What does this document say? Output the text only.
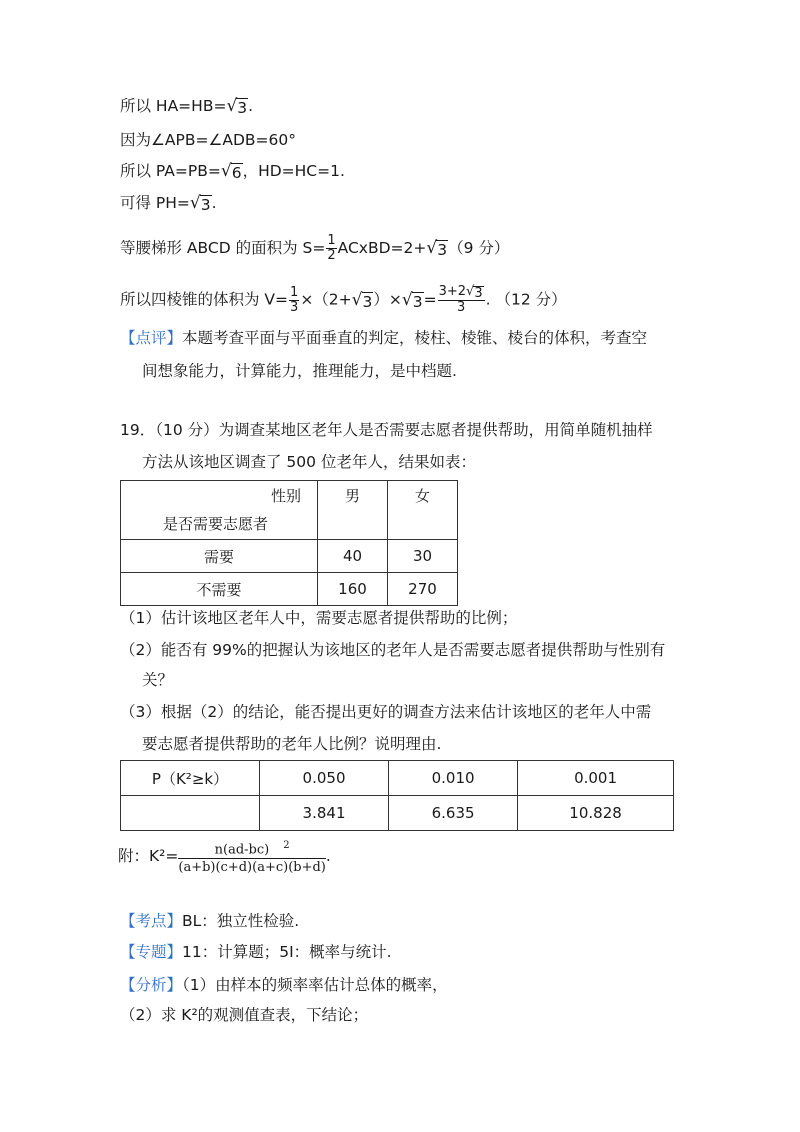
所以 HA=HB= √ 3 .
因为∠APB=∠ADB=60°
所以 PA=PB= √ 6 ，HD=HC=1.
可得 PH= √ 3 .
等腰梯形 ABCD 的面积为 $S= \frac{1}{2}$ ACxBD=2+ √ 3 （9 分）
所以四棱锥的体积为 $V= \frac{1}{3} \times(2+$ √ 3 ）× √ $3 = \frac{3+2 √ 3}{3}$ . （12 分）
【点评】本题考查平面与平面垂直的判定，棱柱、棱锥、棱台的体积，考查空
间想象能力，计算能力，推理能力，是中档题.
19．（10 分）为调查某地区老年人是否需要志愿者提供帮助，用简单随机抽样
方法从该地区调查了 500 位老年人，结果如表：
性别
是否需要志愿者	男	女
需要	40	30
不需要	160	270
（1）估计该地区老年人中，需要志愿者提供帮助的比例；
（2）能否有 99%的把握认为该地区的老年人是否需要志愿者提供帮助与性别有
关？
（3）根据（2）的结论，能否提出更好的调查方法来估计该地区的老年人中需
要志愿者提供帮助的老年人比例？说明理由.
P（K²≥k）	0.050	0.010	0.001
	3.841	6.635	10.828
附：$K^2= \frac{n(ad-bc) ^2}{(a+b)(c+d)(a+c)(b+d)}$ .
【考点】BL：独立性检验.
【专题】11：计算题；5I：概率与统计.
【分析】（1）由样本的频率率估计总体的概率，
（2）求 K²的观测值查表，下结论；
